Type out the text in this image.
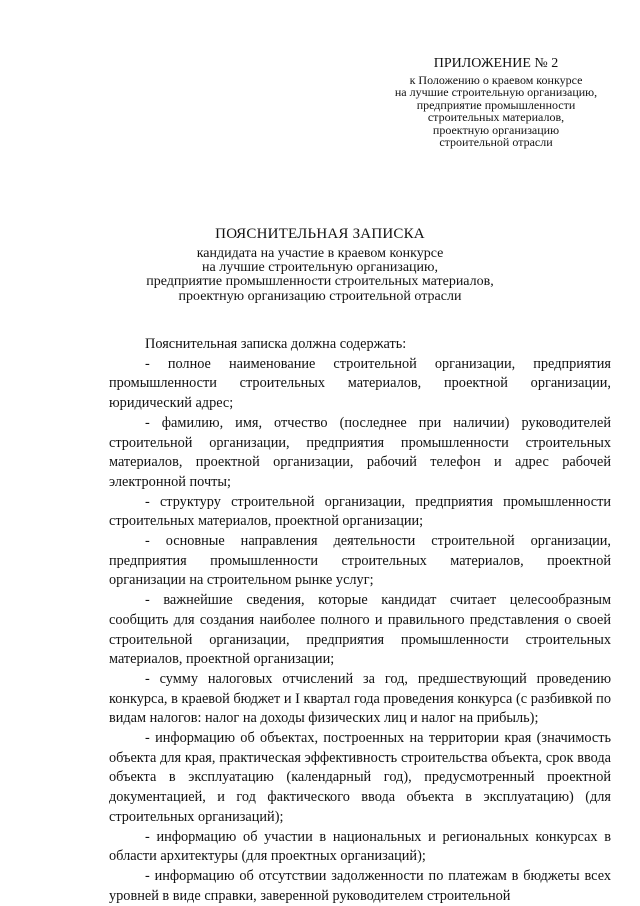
ПРИЛОЖЕНИЕ № 2
к Положению о краевом конкурсе
на лучшие строительную организацию,
предприятие промышленности
строительных материалов,
проектную организацию
строительной отрасли
ПОЯСНИТЕЛЬНАЯ ЗАПИСКА
кандидата на участие в краевом конкурсе
на лучшие строительную организацию,
предприятие промышленности строительных материалов,
проектную организацию строительной отрасли

Пояснительная записка должна содержать:

- полное наименование строительной организации, предприятия промышленности строительных материалов, проектной организации, юридический адрес;
- фамилию, имя, отчество (последнее при наличии) руководителей строительной организации, предприятия промышленности строительных материалов, проектной организации, рабочий телефон и адрес рабочей электронной почты;
- структуру строительной организации, предприятия промышленности строительных материалов, проектной организации;
- основные направления деятельности строительной организации, предприятия промышленности строительных материалов, проектной организации на строительном рынке услуг;
- важнейшие сведения, которые кандидат считает целесообразным сообщить для создания наиболее полного и правильного представления о своей строительной организации, предприятия промышленности строительных материалов, проектной организации;
- сумму налоговых отчислений за год, предшествующий проведению конкурса, в краевой бюджет и I квартал года проведения конкурса (с разбивкой по видам налогов: налог на доходы физических лиц и налог на прибыль);
- информацию об объектах, построенных на территории края (значимость объекта для края, практическая эффективность строительства объекта, срок ввода объекта в эксплуатацию (календарный год), предусмотренный проектной документацией, и год фактического ввода объекта в эксплуатацию) (для строительных организаций);
- информацию об участии в национальных и региональных конкурсах в области архитектуры (для проектных организаций);
- информацию об отсутствии задолженности по платежам в бюджеты всех уровней в виде справки, заверенной руководителем строительной
